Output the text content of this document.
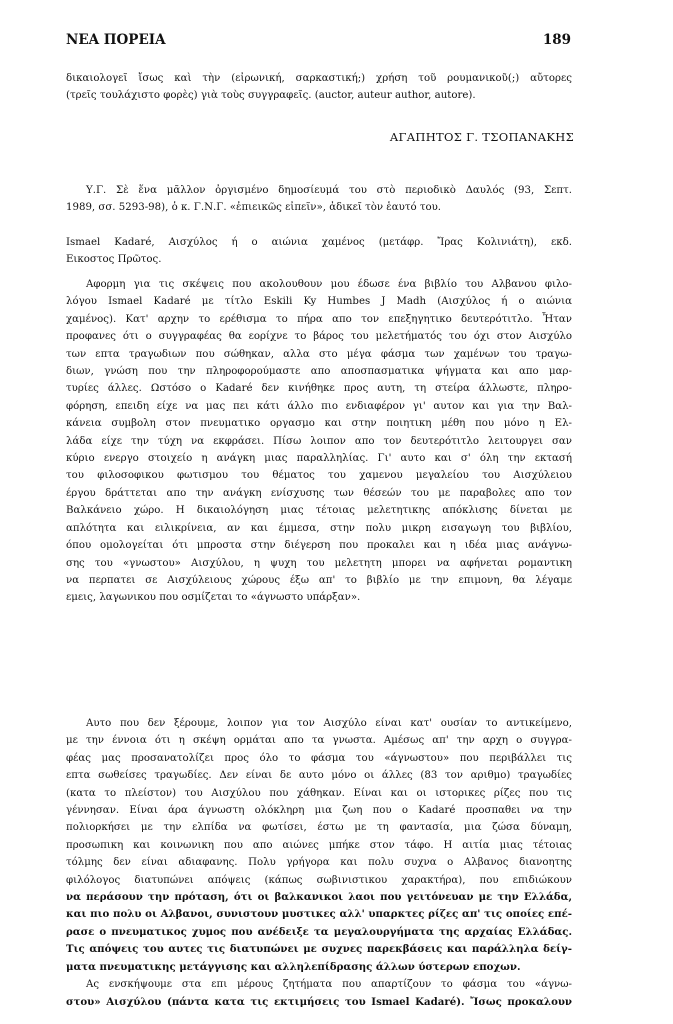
ΝΕΑ ΠΟΡΕΙΑ	189
δικαιολογεῖ ἴσως καὶ τὴν (εἰρωνική, σαρκαστική;) χρήση τοῦ ρουμανικοῦ(;) αὔτορες
(τρεῖς τουλάχιστο φορὲς) γιὰ τοὺς συγγραφεῖς. (auctor, auteur author, autore).
ΑΓΑΠΗΤΟΣ Γ. ΤΣΟΠΑΝΑΚΗΣ
Υ.Γ. Σὲ ἕνα μᾶλλον ὀργισμένο δημοσίευμά του στὸ περιοδικὸ Δαυλός (93, Σεπτ.
1989, σσ. 5293-98), ὁ κ. Γ.Ν.Γ. «ἐπιεικῶς εἰπεῖν», ἀδικεῖ τὸν ἑαυτό του.
Ismael Kadaré, Αισχύλος ή ο αιώνια χαμένος (μετάφρ. Ἴρας Κολινιάτη), εκδ.
Εικοστος Πρῶτος.
Αφορμη για τις σκέψεις που ακολουθουν μου έδωσε ένα βιβλίο του Αλβανου φιλο-
λόγου Ismael Kadaré με τίτλο Eskili Ky Humbes J Madh (Αισχύλος ή ο αιώνια
χαμένος). Κατ' αρχην το ερέθισμα το πήρα απο τον επεξηγητικο δευτερότιτλο. Ἦταν
προφανες ότι ο συγγραφέας θα εορίχνε το βάρος του μελετήματός του όχι στον Αισχύλο
των επτα τραγωδιων που σώθηκαν, αλλα στο μέγα φάσμα των χαμένων του τραγω-
διων, γνώση που την πληροφορούμαστε απο αποσπασματικα ψήγματα και απο μαρ-
τυρίες άλλες. Ωστόσο ο Kadaré δεν κινήθηκε προς αυτη, τη στείρα άλλωστε, πληρο-
φόρηση, επειδη είχε να μας πει κάτι άλλο πιο ενδιαφέρον γι' αυτον και για την Βαλ-
κάνεια συμβολη στον πνευματικο οργασμο και στην ποιητικη μέθη που μόνο η Ελ-
λάδα είχε την τύχη να εκφράσει. Πίσω λοιπον απο τον δευτερότιτλο λειτουργει σαν
κύριο ενεργο στοιχείο η ανάγκη μιας παραλληλίας. Γι' αυτο και σ' όλη την εκτασή
του φιλοσοφικου φωτισμου του θέματος του χαμενου μεγαλείου του Αισχύλειου
έργου δράττεται απο την ανάγκη ενίσχυσης των θέσεών του με παραβολες απο τον
Βαλκάνειο χώρο. Η δικαιολόγηση μιας τέτοιας μελετητικης απόκλισης δίνεται με
απλότητα και ειλικρίνεια, αν και έμμεσα, στην πολυ μικρη εισαγωγη του βιβλίου,
όπου ομολογείται ότι μπροστα στην διέγερση που προκαλει και η ιδέα μιας ανάγνω-
σης του «γνωστου» Αισχύλου, η ψυχη του μελετητη μπορει να αφήνεται ρομαντικη
να περπατει σε Αισχύλειους χώρους έξω απ' το βιβλίο με την επιμονη, θα λέγαμε
εμεις, λαγωνικου που οσμίζεται το «άγνωστο υπάρξαν».
Αυτο που δεν ξέρουμε, λοιπον για τον Αισχύλο είναι κατ' ουσίαν το αντικείμενο,
με την έννοια ότι η σκέψη ορμάται απο τα γνωστα. Αμέσως απ' την αρχη ο συγγρα-
φέας μας προσανατολίζει προς όλο το φάσμα του «άγνωστου» που περιβάλλει τις
επτα σωθείσες τραγωδίες. Δεν είναι δε αυτο μόνο οι άλλες (83 τον αριθμο) τραγωδίες
(κατα το πλείστον) του Αισχύλου που χάθηκαν. Είναι και οι ιστορικες ρίζες που τις
γέννησαν. Είναι άρα άγνωστη ολόκληρη μια ζωη που ο Kadaré προσπαθει να την
πολιορκήσει με την ελπίδα να φωτίσει, έστω με τη φαντασία, μια ζώσα δύναμη,
προσωπικη και κοινωνικη που απο αιώνες μπήκε στον τάφο. Η αιτία μιας τέτοιας
τόλμης δεν είναι αδιαφανης. Πολυ γρήγορα και πολυ συχνα ο Αλβανος διανοητης
φιλόλογος διατυπώνει απόψεις (κάπως σωβινιστικου χαρακτήρα), που επιδιώκουν
να περάσουν την πρόταση, ότι οι βαλκανικοι λαοι που γειτόνευαν με την Ελλάδα,
και πιο πολυ οι Αλβανοι, συνιστουν μυστικες αλλ' υπαρκτες ρίζες απ' τις οποίες επέ-
ρασε ο πνευματικος χυμος που ανέδειξε τα μεγαλουργήματα της αρχαίας Ελλάδας.
Τις απόψεις του αυτες τις διατυπώνει με συχνες παρεκβάσεις και παράλληλα δείγ-
ματα πνευματικης μετάγγισης και αλληλεπίδρασης άλλων ύστερων εποχων.
Ας ενσκήψουμε στα επι μέρους ζητήματα που απαρτίζουν το φάσμα του «άγνω-
στου» Αισχύλου (πάντα κατα τις εκτιμήσεις του Ismael Kadaré). Ἴσως προκαλουν
